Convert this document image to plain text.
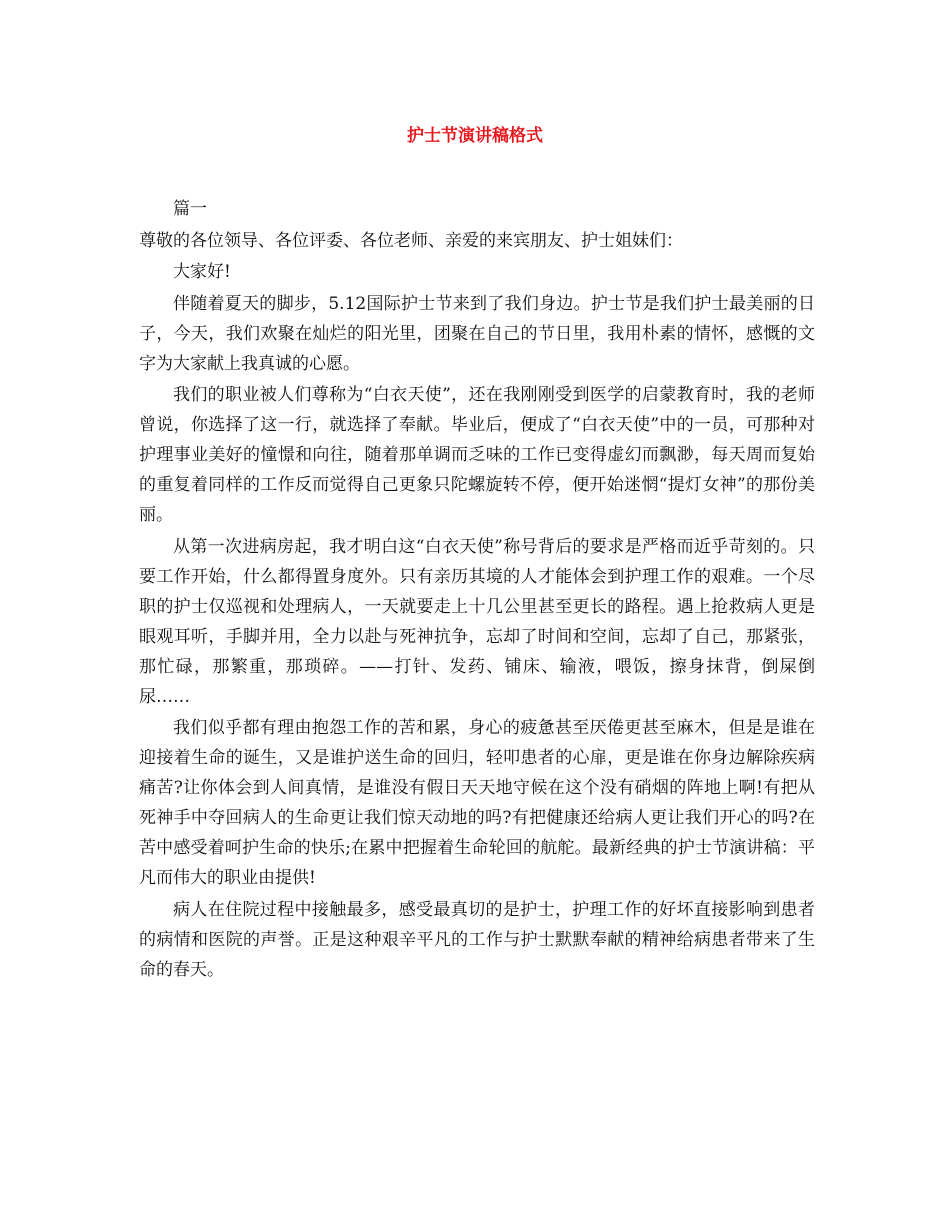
护士节演讲稿格式

篇一

尊敬的各位领导、各位评委、各位老师、亲爱的来宾朋友、护士姐妹们：

大家好!

伴随着夏天的脚步，5.12国际护士节来到了我们身边。护士节是我们护士最美丽的日子，今天，我们欢聚在灿烂的阳光里，团聚在自己的节日里，我用朴素的情怀，感慨的文字为大家献上我真诚的心愿。

我们的职业被人们尊称为“白衣天使”，还在我刚刚受到医学的启蒙教育时，我的老师曾说，你选择了这一行，就选择了奉献。毕业后，便成了“白衣天使”中的一员，可那种对护理事业美好的憧憬和向往，随着那单调而乏味的工作已变得虚幻而飘渺，每天周而复始的重复着同样的工作反而觉得自己更象只陀螺旋转不停，便开始迷惘“提灯女神”的那份美丽。

从第一次进病房起，我才明白这“白衣天使”称号背后的要求是严格而近乎苛刻的。只要工作开始，什么都得置身度外。只有亲历其境的人才能体会到护理工作的艰难。一个尽职的护士仅巡视和处理病人，一天就要走上十几公里甚至更长的路程。遇上抢救病人更是眼观耳听，手脚并用，全力以赴与死神抗争，忘却了时间和空间，忘却了自己，那紧张，那忙碌，那繁重，那琐碎。——打针、发药、铺床、输液，喂饭，擦身抹背，倒屎倒尿……

我们似乎都有理由抱怨工作的苦和累，身心的疲惫甚至厌倦更甚至麻木，但是是谁在迎接着生命的诞生，又是谁护送生命的回归，轻叩患者的心扉，更是谁在你身边解除疾病痛苦?让你体会到人间真情，是谁没有假日天天地守候在这个没有硝烟的阵地上啊!有把从死神手中夺回病人的生命更让我们惊天动地的吗?有把健康还给病人更让我们开心的吗?在苦中感受着呵护生命的快乐;在累中把握着生命轮回的航舵。最新经典的护士节演讲稿：平凡而伟大的职业由提供!

病人在住院过程中接触最多，感受最真切的是护士，护理工作的好坏直接影响到患者的病情和医院的声誉。正是这种艰辛平凡的工作与护士默默奉献的精神给病患者带来了生命的春天。
